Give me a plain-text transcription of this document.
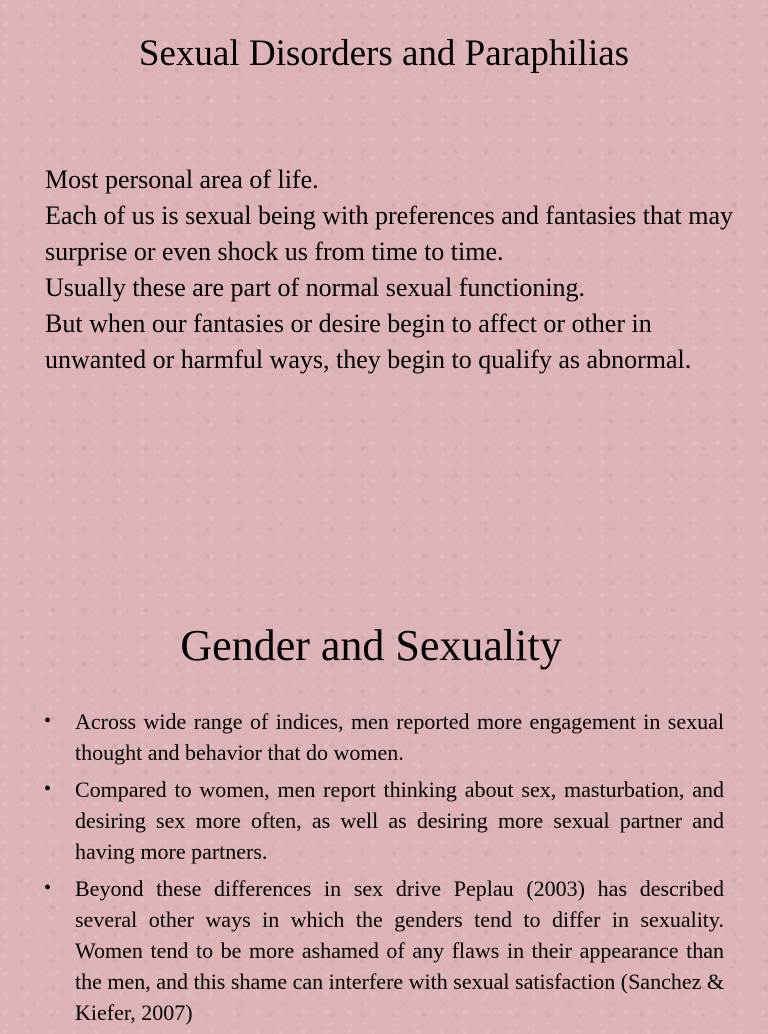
Sexual Disorders and Paraphilias

Most personal area of life.

Each of us is sexual being with preferences and fantasies that may surprise or even shock us from time to time.

Usually these are part of normal sexual functioning.

But when our fantasies or desire begin to affect or other in unwanted or harmful ways, they begin to qualify as abnormal.

Gender and Sexuality
• Across wide range of indices, men reported more engagement in sexual thought and behavior that do women.
• Compared to women, men report thinking about sex, masturbation, and desiring sex more often, as well as desiring more sexual partner and having more partners.
• Beyond these differences in sex drive Peplau (2003) has described several other ways in which the genders tend to differ in sexuality. Women tend to be more ashamed of any flaws in their appearance than the men, and this shame can interfere with sexual satisfaction (Sanchez & Kiefer, 2007)
